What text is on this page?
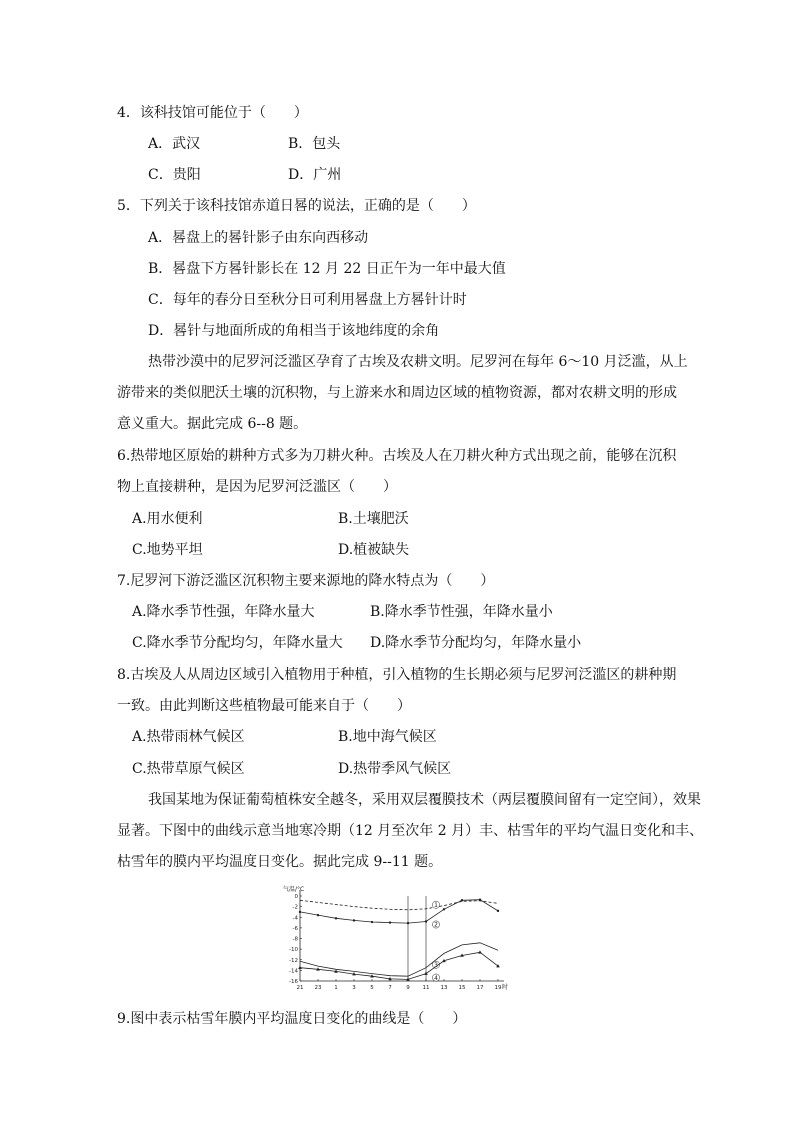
4．该科技馆可能位于（　　）
A．武汉	B．包头
C．贵阳	D．广州
5．下列关于该科技馆赤道日晷的说法，正确的是（　　）
A．晷盘上的晷针影子由东向西移动
B．晷盘下方晷针影长在 12 月 22 日正午为一年中最大值
C．每年的春分日至秋分日可利用晷盘上方晷针计时
D．晷针与地面所成的角相当于该地纬度的余角
热带沙漠中的尼罗河泛滥区孕育了古埃及农耕文明。尼罗河在每年 6～10 月泛滥，从上
游带来的类似肥沃土壤的沉积物，与上游来水和周边区域的植物资源，都对农耕文明的形成
意义重大。据此完成 6--8 题。
6.热带地区原始的耕种方式多为刀耕火种。古埃及人在刀耕火种方式出现之前，能够在沉积
物上直接耕种，是因为尼罗河泛滥区（　　）
A.用水便利	B.土壤肥沃
C.地势平坦	D.植被缺失
7.尼罗河下游泛滥区沉积物主要来源地的降水特点为（　　）
A.降水季节性强，年降水量大	B.降水季节性强，年降水量小
C.降水季节分配均匀，年降水量大 D.降水季节分配均匀，年降水量小
8.古埃及人从周边区域引入植物用于种植，引入植物的生长期必须与尼罗河泛滥区的耕种期
一致。由此判断这些植物最可能来自于（　　）
A.热带雨林气候区	B.地中海气候区
C.热带草原气候区	D.热带季风气候区
我国某地为保证葡萄植株安全越冬，采用双层覆膜技术（两层覆膜间留有一定空间），效果
显著。下图中的曲线示意当地寒冷期（12 月至次年 2 月）丰、枯雪年的平均气温日变化和丰、
枯雪年的膜内平均温度日变化。据此完成 9--11 题。
气温/°C
0
-2
-4
-6
-8
-10
-12
-14
-16
21 23 1	3	5	7	9 11 13 15 17 19 时
1
2
3
4
9.图中表示枯雪年膜内平均温度日变化的曲线是（　　）
